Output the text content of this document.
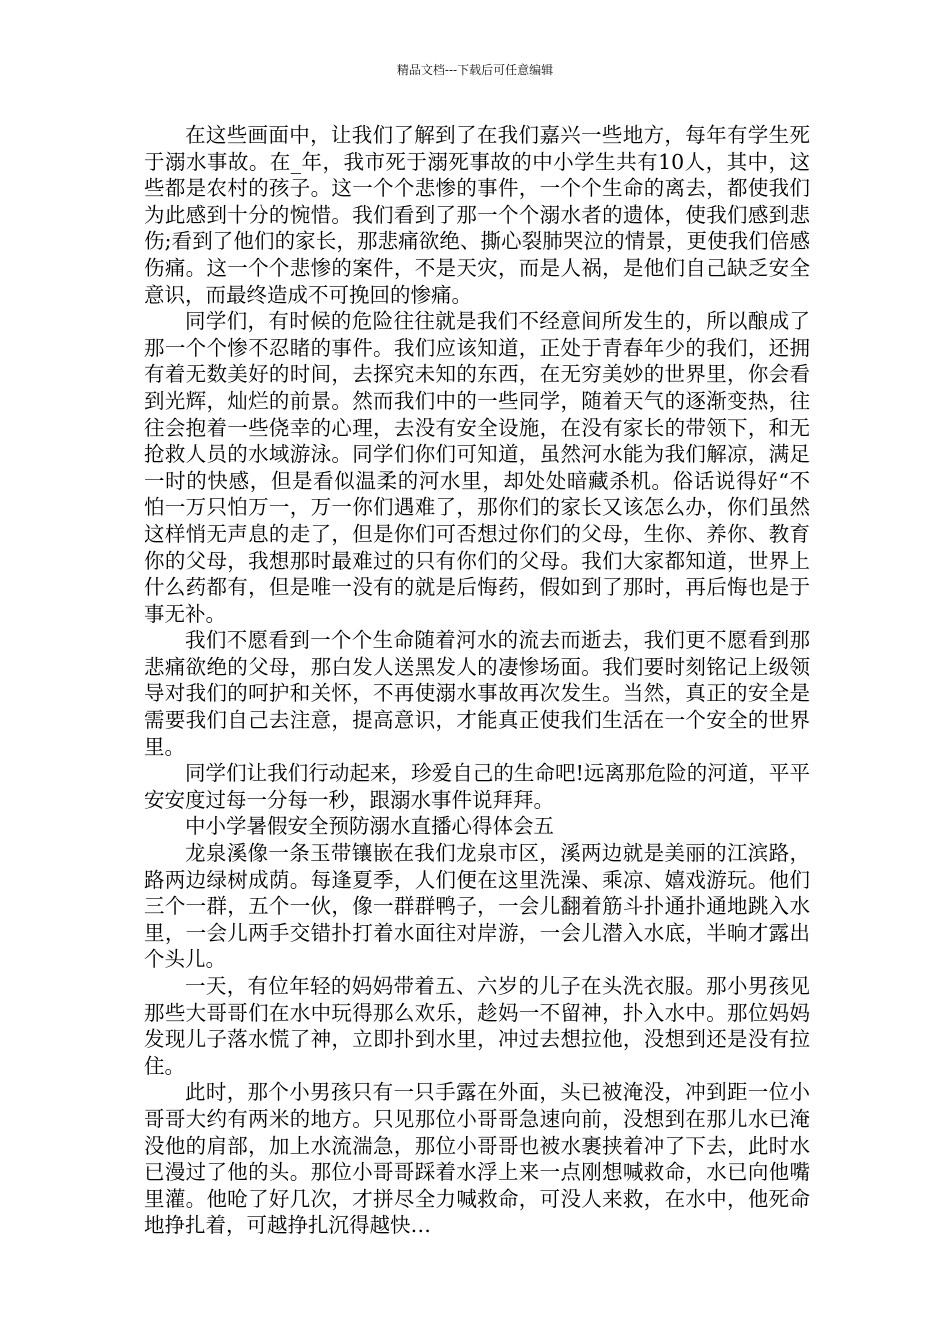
精品文档---下载后可任意编辑

在这些画面中，让我们了解到了在我们嘉兴一些地方，每年有学生死于溺水事故。在_年，我市死于溺死事故的中小学生共有10人，其中，这些都是农村的孩子。这一个个悲惨的事件，一个个生命的离去，都使我们为此感到十分的惋惜。我们看到了那一个个溺水者的遗体，使我们感到悲伤;看到了他们的家长，那悲痛欲绝、撕心裂肺哭泣的情景，更使我们倍感伤痛。这一个个悲惨的案件，不是天灾，而是人祸，是他们自己缺乏安全意识，而最终造成不可挽回的惨痛。

同学们，有时候的危险往往就是我们不经意间所发生的，所以酿成了那一个个惨不忍睹的事件。我们应该知道，正处于青春年少的我们，还拥有着无数美好的时间，去探究未知的东西，在无穷美妙的世界里，你会看到光辉，灿烂的前景。然而我们中的一些同学，随着天气的逐渐变热，往往会抱着一些侥幸的心理，去没有安全设施，在没有家长的带领下，和无抢救人员的水域游泳。同学们你们可知道，虽然河水能为我们解凉，满足一时的快感，但是看似温柔的河水里，却处处暗藏杀机。俗话说得好“不怕一万只怕万一，万一你们遇难了，那你们的家长又该怎么办，你们虽然这样悄无声息的走了，但是你们可否想过你们的父母，生你、养你、教育你的父母，我想那时最难过的只有你们的父母。我们大家都知道，世界上什么药都有，但是唯一没有的就是后悔药，假如到了那时，再后悔也是于事无补。

我们不愿看到一个个生命随着河水的流去而逝去，我们更不愿看到那悲痛欲绝的父母，那白发人送黑发人的凄惨场面。我们要时刻铭记上级领导对我们的呵护和关怀，不再使溺水事故再次发生。当然，真正的安全是需要我们自己去注意，提高意识，才能真正使我们生活在一个安全的世界里。

同学们让我们行动起来，珍爱自己的生命吧!远离那危险的河道，平平安安度过每一分每一秒，跟溺水事件说拜拜。

中小学暑假安全预防溺水直播心得体会五

龙泉溪像一条玉带镶嵌在我们龙泉市区，溪两边就是美丽的江滨路，路两边绿树成荫。每逢夏季，人们便在这里洗澡、乘凉、嬉戏游玩。他们三个一群，五个一伙，像一群群鸭子，一会儿翻着筋斗扑通扑通地跳入水里，一会儿两手交错扑打着水面往对岸游，一会儿潜入水底，半晌才露出个头儿。

一天，有位年轻的妈妈带着五、六岁的儿子在头洗衣服。那小男孩见那些大哥哥们在水中玩得那么欢乐，趁妈一不留神，扑入水中。那位妈妈发现儿子落水慌了神，立即扑到水里，冲过去想拉他，没想到还是没有拉住。

此时，那个小男孩只有一只手露在外面，头已被淹没，冲到距一位小哥哥大约有两米的地方。只见那位小哥哥急速向前，没想到在那儿水已淹没他的肩部，加上水流湍急，那位小哥哥也被水裹挟着冲了下去，此时水已漫过了他的头。那位小哥哥踩着水浮上来一点刚想喊救命，水已向他嘴里灌。他呛了好几次，才拼尽全力喊救命，可没人来救，在水中，他死命地挣扎着，可越挣扎沉得越快…
